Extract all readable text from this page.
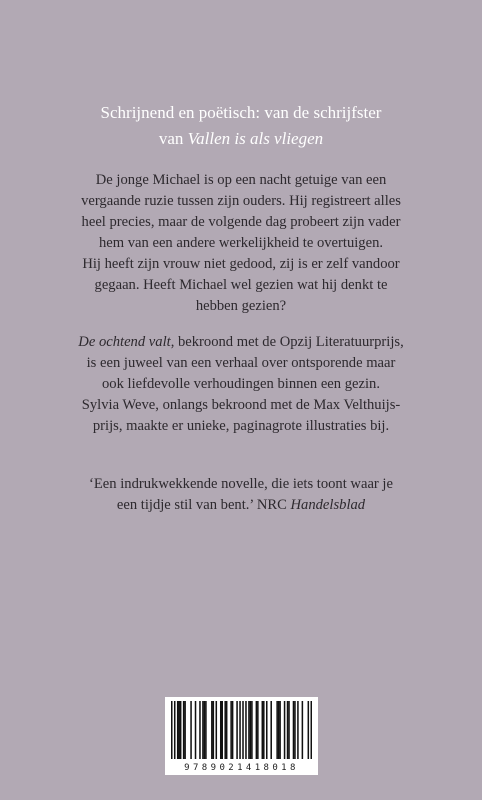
Schrijnend en poëtisch: van de schrijfster
van Vallen is als vliegen
De jonge Michael is op een nacht getuige van een
vergaande ruzie tussen zijn ouders. Hij registreert alles
heel precies, maar de volgende dag probeert zijn vader
hem van een andere werkelijkheid te overtuigen.
Hij heeft zijn vrouw niet gedood, zij is er zelf vandoor
gegaan. Heeft Michael wel gezien wat hij denkt te
hebben gezien?
De ochtend valt, bekroond met de Opzij Literatuurprijs,
is een juweel van een verhaal over ontsporende maar
ook liefdevolle verhoudingen binnen een gezin.
Sylvia Weve, onlangs bekroond met de Max Velthuijs-
prijs, maakte er unieke, paginagrote illustraties bij.
‘Een indrukwekkende novelle, die iets toont waar je
een tijdje stil van bent.’ NRC Handelsblad
9789021418018
